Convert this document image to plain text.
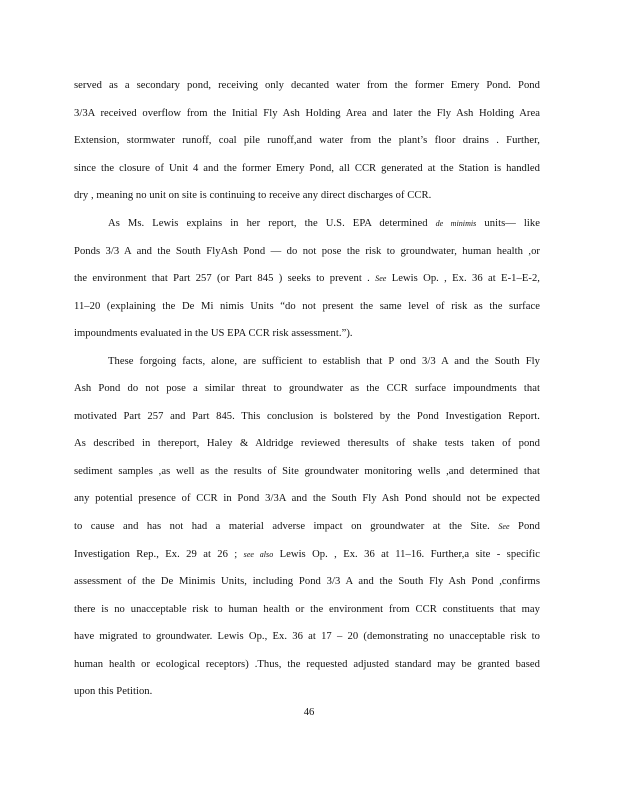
served as a secondary pond, receiving only decanted water from the former Emery Pond. Pond
3/3A received overflow from the Initial Fly Ash Holding Area and later the Fly Ash Holding Area
Extension, stormwater runoff, coal pile runoff,and water from the plant’s floor drains . Further,
since the closure of Unit 4 and the former Emery Pond, all CCR generated at the Station is handled
dry , meaning no unit on site is continuing to receive any direct discharges of CCR.
As Ms. Lewis explains in her report, the U.S. EPA determined de minimis units— like
Ponds 3/3 A and the South FlyAsh Pond — do not pose the risk to groundwater, human health ,or
the environment that Part 257 (or Part 845 ) seeks to prevent . See Lewis Op. , Ex. 36 at E-1–E-2,
11–20 (explaining the De Mi nimis Units “do not present the same level of risk as the surface
impoundments evaluated in the US EPA CCR risk assessment.”).
These forgoing facts, alone, are sufficient to establish that P ond 3/3 A and the South Fly
Ash Pond do not pose a similar threat to groundwater as the CCR surface impoundments that
motivated Part 257 and Part 845. This conclusion is bolstered by the Pond Investigation Report.
As described in thereport, Haley & Aldridge reviewed theresults of shake tests taken of pond
sediment samples ,as well as the results of Site groundwater monitoring wells ,and determined that
any potential presence of CCR in Pond 3/3A and the South Fly Ash Pond should not be expected
to cause and has not had a material adverse impact on groundwater at the Site. See Pond
Investigation Rep., Ex. 29 at 26 ; see also Lewis Op. , Ex. 36 at 11–16. Further,a site - specific
assessment of the De Minimis Units, including Pond 3/3 A and the South Fly Ash Pond ,confirms
there is no unacceptable risk to human health or the environment from CCR constituents that may
have migrated to groundwater. Lewis Op., Ex. 36 at 17 – 20 (demonstrating no unacceptable risk to
human health or ecological receptors) .Thus, the requested adjusted standard may be granted based
upon this Petition.
46
